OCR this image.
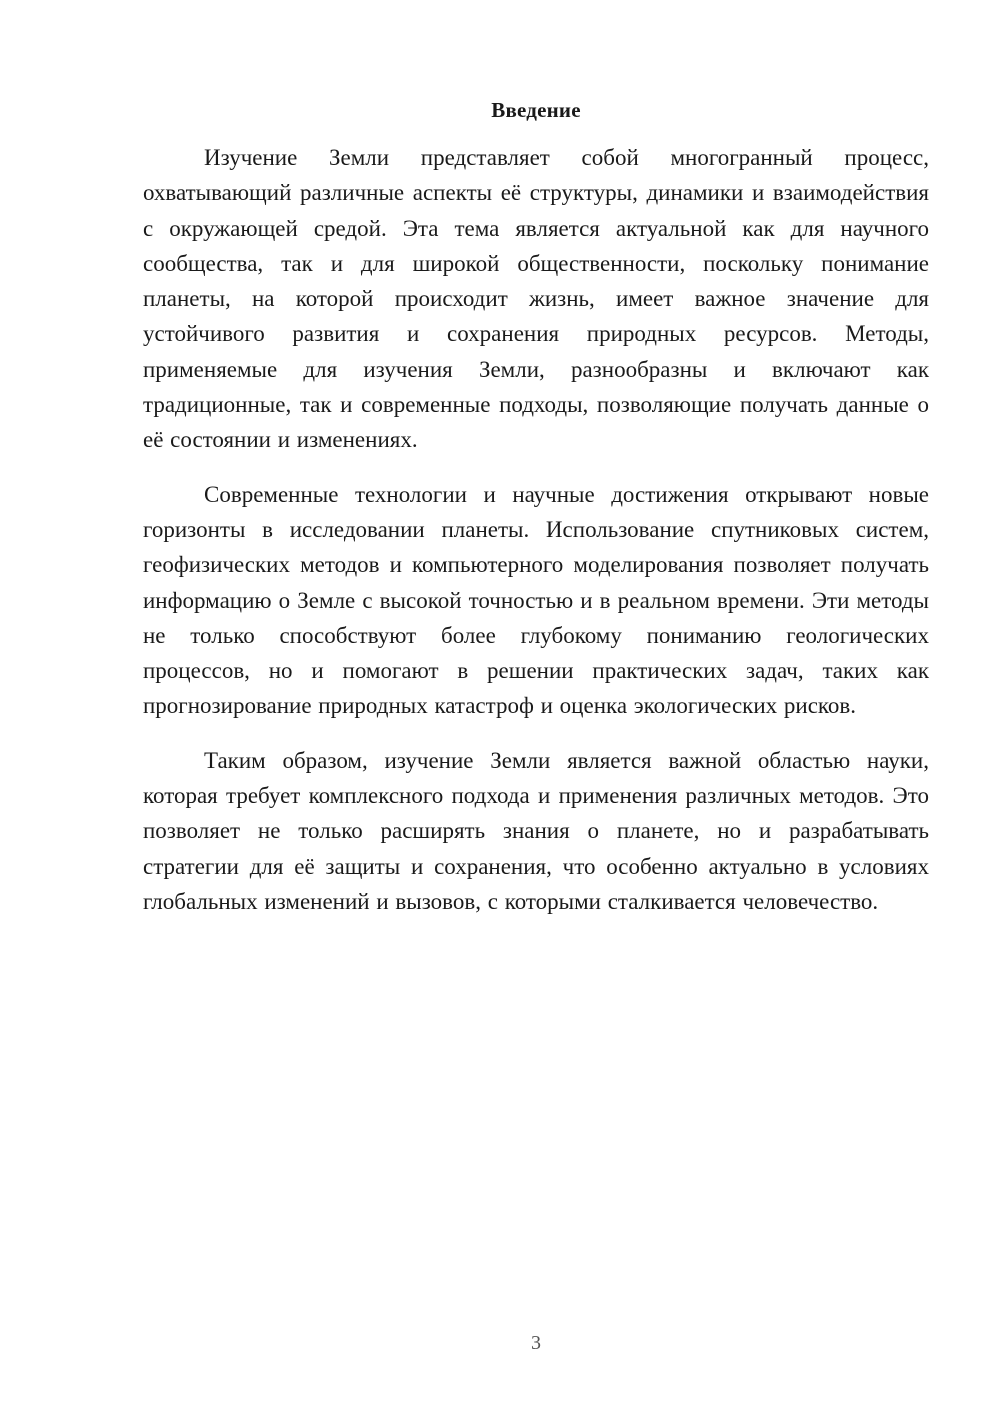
Введение

Изучение Земли представляет собой многогранный процесс, охватывающий различные аспекты её структуры, динамики и взаимодействия с окружающей средой. Эта тема является актуальной как для научного сообщества, так и для широкой общественности, поскольку понимание планеты, на которой происходит жизнь, имеет важное значение для устойчивого развития и сохранения природных ресурсов. Методы, применяемые для изучения Земли, разнообразны и включают как традиционные, так и современные подходы, позволяющие получать данные о её состоянии и изменениях.

Современные технологии и научные достижения открывают новые горизонты в исследовании планеты. Использование спутниковых систем, геофизических методов и компьютерного моделирования позволяет получать информацию о Земле с высокой точностью и в реальном времени. Эти методы не только способствуют более глубокому пониманию геологических процессов, но и помогают в решении практических задач, таких как прогнозирование природных катастроф и оценка экологических рисков.

Таким образом, изучение Земли является важной областью науки, которая требует комплексного подхода и применения различных методов. Это позволяет не только расширять знания о планете, но и разрабатывать стратегии для её защиты и сохранения, что особенно актуально в условиях глобальных изменений и вызовов, с которыми сталкивается человечество.

3
